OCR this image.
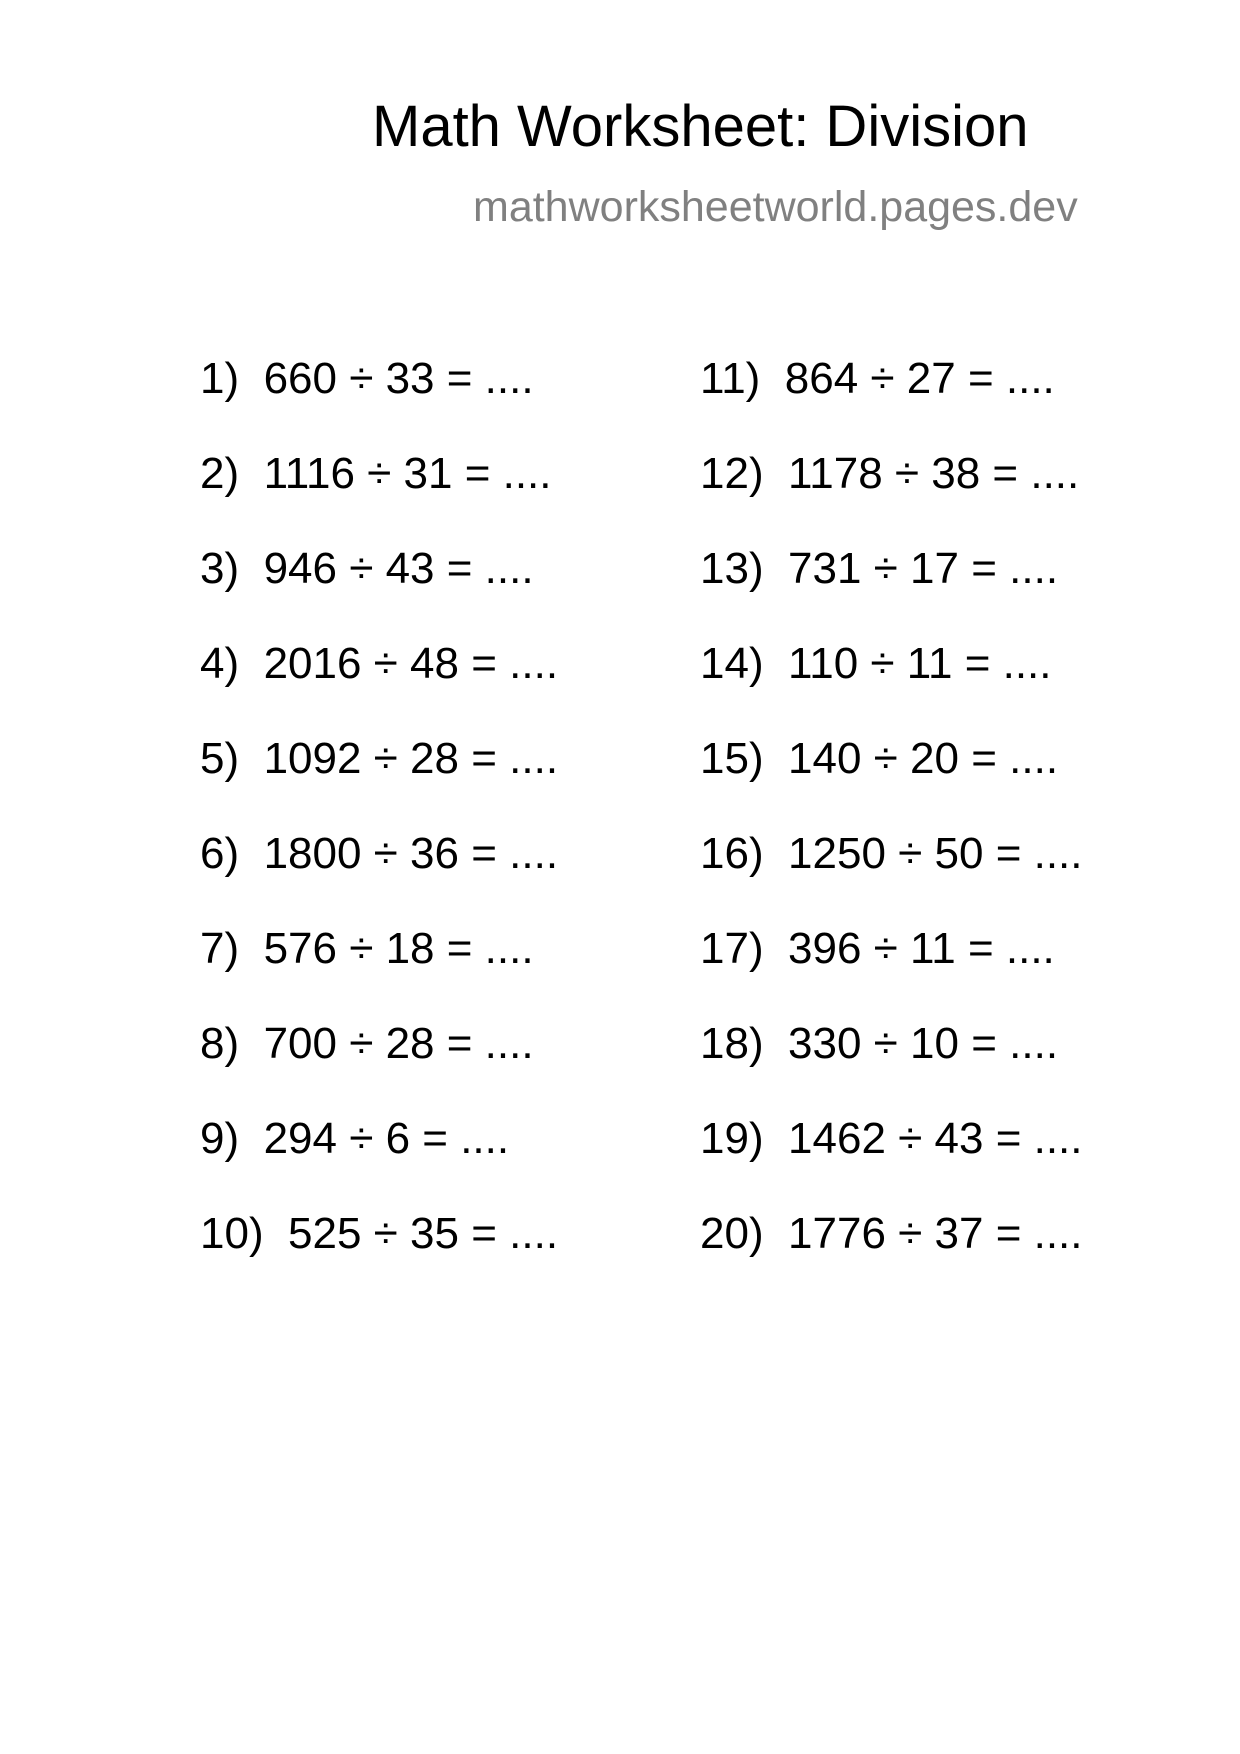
Math Worksheet: Division
mathworksheetworld.pages.dev
1)  660 ÷ 33 = ....
2)  1116 ÷ 31 = ....
3)  946 ÷ 43 = ....
4)  2016 ÷ 48 = ....
5)  1092 ÷ 28 = ....
6)  1800 ÷ 36 = ....
7)  576 ÷ 18 = ....
8)  700 ÷ 28 = ....
9)  294 ÷ 6 = ....
10)  525 ÷ 35 = ....
11)  864 ÷ 27 = ....
12)  1178 ÷ 38 = ....
13)  731 ÷ 17 = ....
14)  110 ÷ 11 = ....
15)  140 ÷ 20 = ....
16)  1250 ÷ 50 = ....
17)  396 ÷ 11 = ....
18)  330 ÷ 10 = ....
19)  1462 ÷ 43 = ....
20)  1776 ÷ 37 = ....
